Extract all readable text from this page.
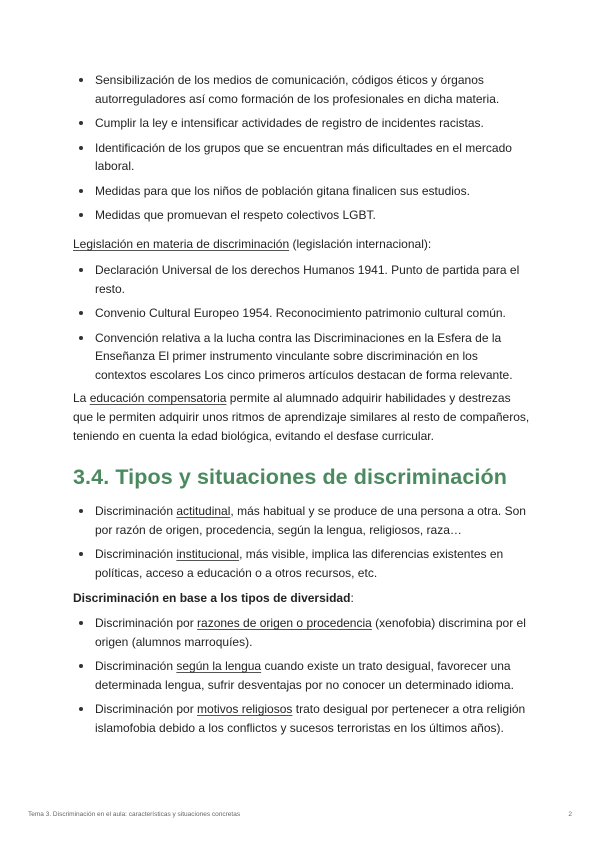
Sensibilización de los medios de comunicación, códigos éticos y órganos autorreguladores así como formación de los profesionales en dicha materia.
Cumplir la ley e intensificar actividades de registro de incidentes racistas.
Identificación de los grupos que se encuentran más dificultades en el mercado laboral.
Medidas para que los niños de población gitana finalicen sus estudios.
Medidas que promuevan el respeto colectivos LGBT.

Legislación en materia de discriminación (legislación internacional):

Declaración Universal de los derechos Humanos 1941. Punto de partida para el resto.
Convenio Cultural Europeo 1954. Reconocimiento patrimonio cultural común.
Convención relativa a la lucha contra las Discriminaciones en la Esfera de la Enseñanza El primer instrumento vinculante sobre discriminación en los contextos escolares Los cinco primeros artículos destacan de forma relevante.

La educación compensatoria permite al alumnado adquirir habilidades y destrezas que le permiten adquirir unos ritmos de aprendizaje similares al resto de compañeros, teniendo en cuenta la edad biológica, evitando el desfase curricular.

3.4. Tipos y situaciones de discriminación
Discriminación actitudinal, más habitual y se produce de una persona a otra. Son por razón de origen, procedencia, según la lengua, religiosos, raza…
Discriminación institucional, más visible, implica las diferencias existentes en políticas, acceso a educación o a otros recursos, etc.

Discriminación en base a los tipos de diversidad:

Discriminación por razones de origen o procedencia (xenofobia) discrimina por el origen (alumnos marroquíes).
Discriminación según la lengua cuando existe un trato desigual, favorecer una determinada lengua, sufrir desventajas por no conocer un determinado idioma.
Discriminación por motivos religiosos trato desigual por pertenecer a otra religión islamofobia debido a los conflictos y sucesos terroristas en los últimos años).
Tema 3. Discriminación en el aula: características y situaciones concretas	2
